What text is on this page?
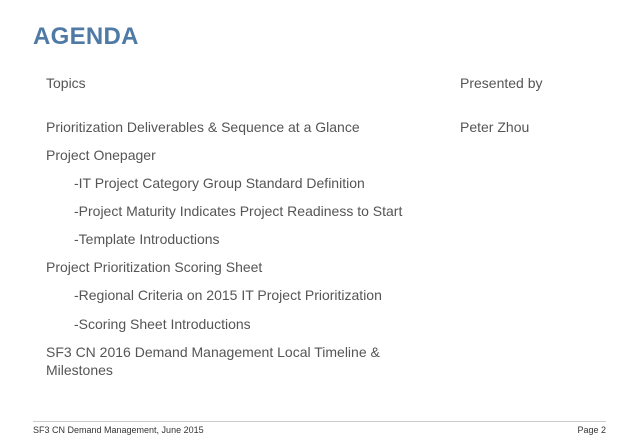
AGENDA
Topics	Presented by
Prioritization Deliverables & Sequence at a Glance	Peter Zhou
Project Onepager
-IT Project Category Group Standard Definition
-Project Maturity Indicates Project Readiness to Start
-Template Introductions
Project Prioritization Scoring Sheet
-Regional Criteria on 2015 IT Project Prioritization
-Scoring Sheet Introductions
SF3 CN 2016 Demand Management Local Timeline & Milestones
SF3 CN Demand Management, June 2015	Page 2
